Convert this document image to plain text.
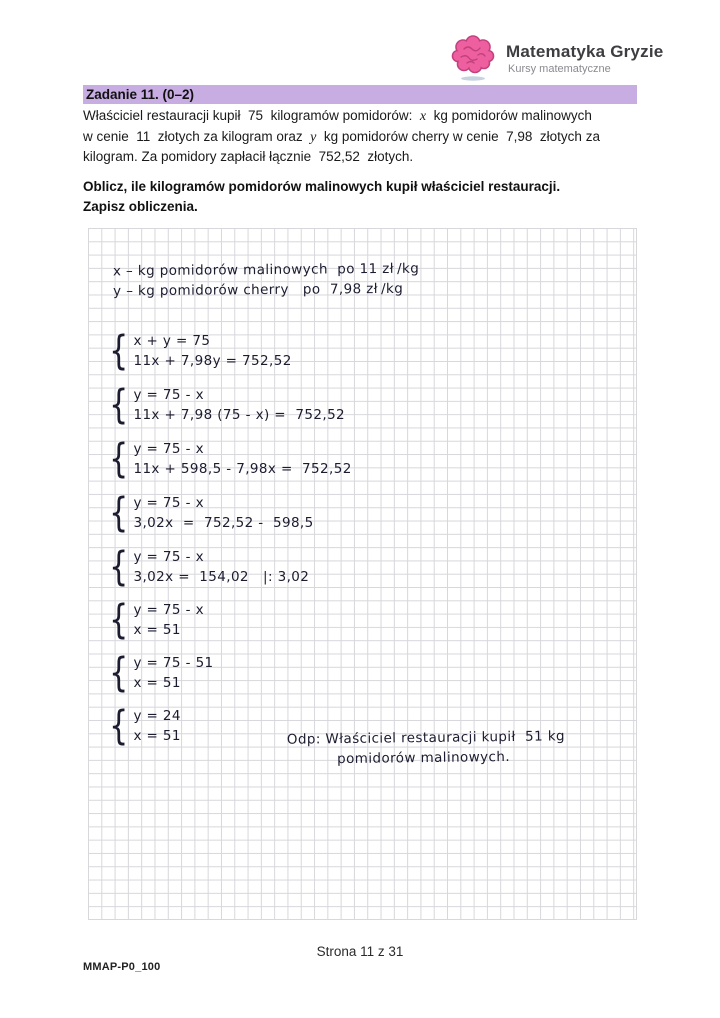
Matematyka Gryzie
Kursy matematyczne
Zadanie 11. (0–2)
Właściciel restauracji kupił  75  kilogramów pomidorów:  x  kg pomidorów malinowych
w cenie  11  złotych za kilogram oraz  y  kg pomidorów cherry w cenie  7,98  złotych za
kilogram. Za pomidory zapłacił łącznie  752,52  złotych.
Oblicz, ile kilogramów pomidorów malinowych kupił właściciel restauracji.
Zapisz obliczenia.
x – kg pomidorów malinowych  po 11 zł /kg
y – kg pomidorów cherry   po  7,98 zł /kg
{ x + y = 75
11x + 7,98y = 752,52
{ y = 75 - x
11x + 7,98 (75 - x) =  752,52
{ y = 75 - x
11x + 598,5 - 7,98x =  752,52
{ y = 75 - x
3,02x  =  752,52 -  598,5
{ y = 75 - x
3,02x =  154,02   |: 3,02
{ y = 75 - x
x = 51
{ y = 75 - 51
x = 51
{ y = 24
x = 51	Odp: Właściciel restauracji kupił  51 kg
pomidorów malinowych.
Strona 11 z 31
MMAP-P0_100
